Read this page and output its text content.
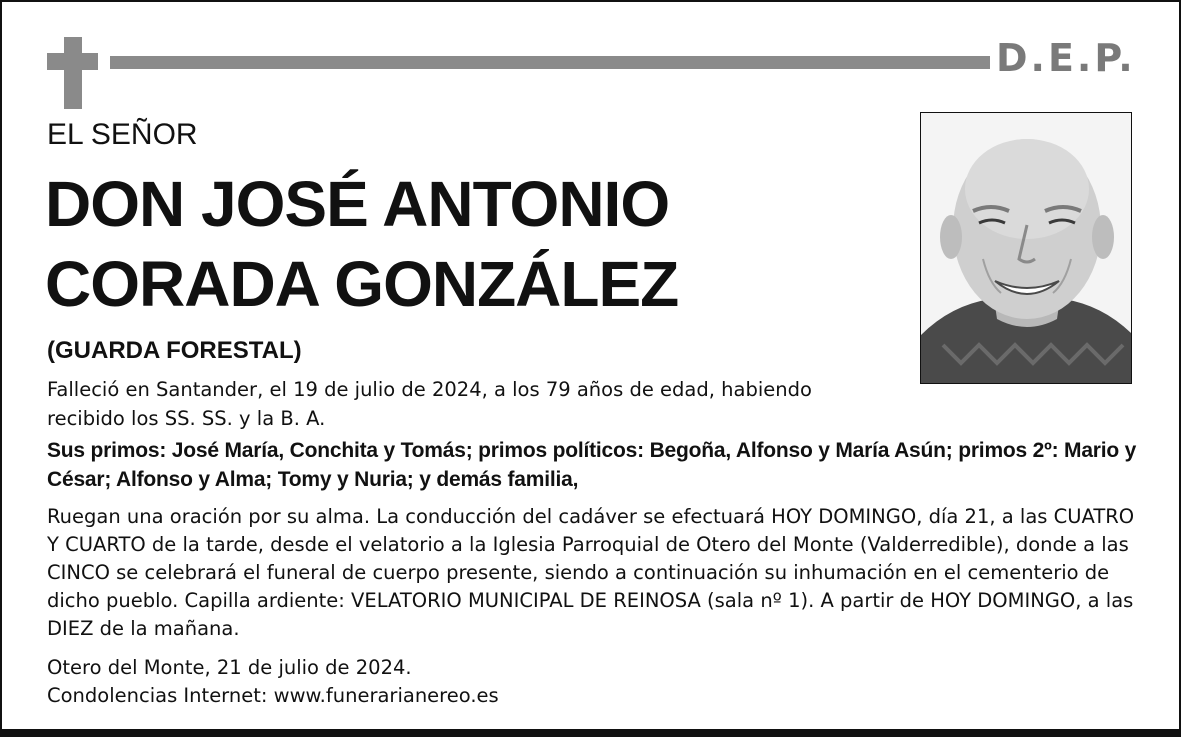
D.E.P.
EL SEÑOR
DON JOSÉ ANTONIO
CORADA GONZÁLEZ
(GUARDA FORESTAL)
Falleció en Santander, el 19 de julio de 2024, a los 79 años de edad, habiendo recibido los SS. SS. y la B. A.
Sus primos: José María, Conchita y Tomás; primos políticos: Begoña, Alfonso y María Asún; primos 2º: Mario y César; Alfonso y Alma; Tomy y Nuria; y demás familia,
Ruegan una oración por su alma. La conducción del cadáver se efectuará HOY DOMINGO, día 21, a las CUATRO Y CUARTO de la tarde, desde el velatorio a la Iglesia Parroquial de Otero del Monte (Valderredible), donde a las CINCO se celebrará el funeral de cuerpo presente, siendo a continuación su inhumación en el cementerio de dicho pueblo. Capilla ardiente: VELATORIO MUNICIPAL DE REINOSA (sala nº 1). A partir de HOY DOMINGO, a las DIEZ de la mañana.
Otero del Monte, 21 de julio de 2024.
Condolencias Internet: www.funerarianereo.es
